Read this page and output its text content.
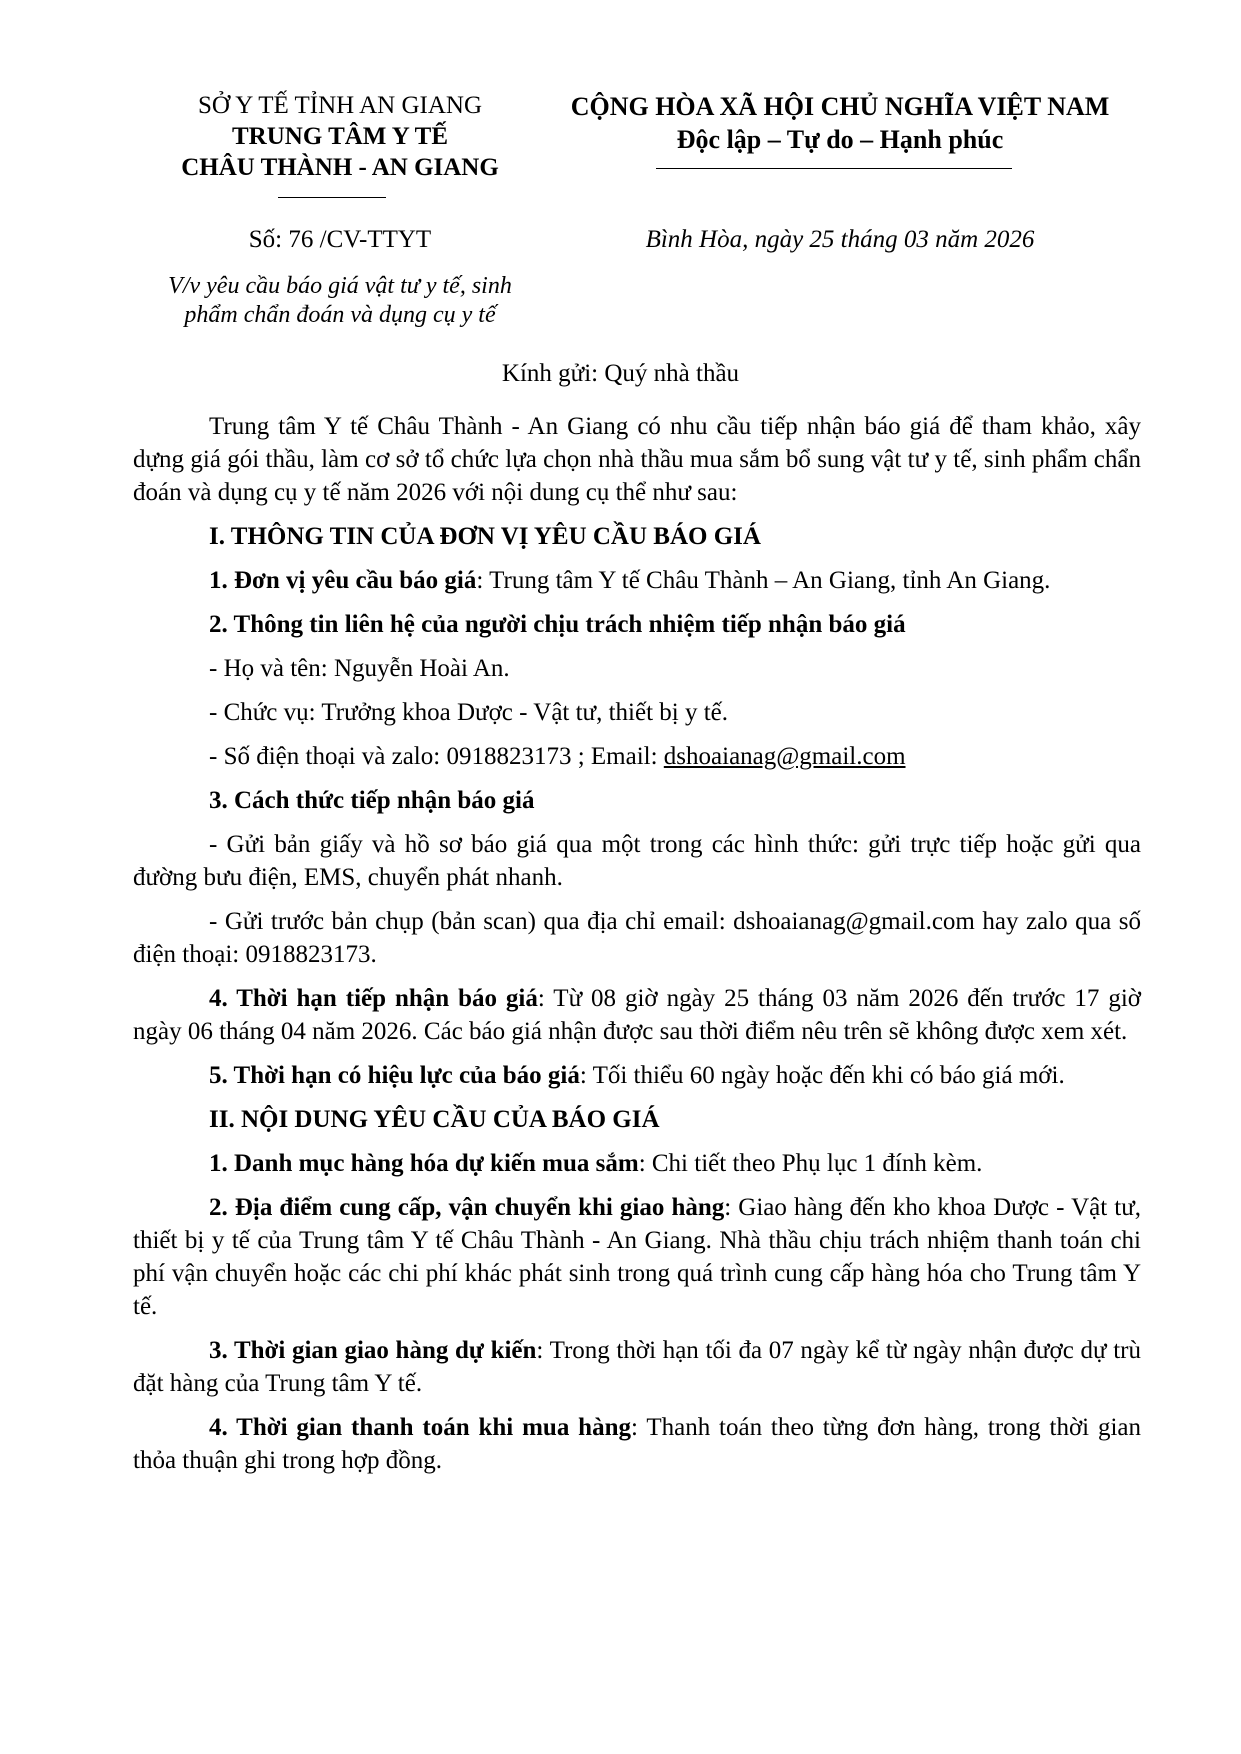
SỞ Y TẾ TỈNH AN GIANG
TRUNG TÂM Y TẾ
CHÂU THÀNH - AN GIANG
CỘNG HÒA XÃ HỘI CHỦ NGHĨA VIỆT NAM
Độc lập – Tự do – Hạnh phúc
Số: 76 /CV-TTYT	Bình Hòa, ngày 25 tháng 03 năm 2026
V/v yêu cầu báo giá vật tư y tế, sinh
phẩm chẩn đoán và dụng cụ y tế
Kính gửi: Quý nhà thầu

Trung tâm Y tế Châu Thành - An Giang có nhu cầu tiếp nhận báo giá để tham khảo, xây dựng giá gói thầu, làm cơ sở tổ chức lựa chọn nhà thầu mua sắm bổ sung vật tư y tế, sinh phẩm chẩn đoán và dụng cụ y tế năm 2026 với nội dung cụ thể như sau:

I. THÔNG TIN CỦA ĐƠN VỊ YÊU CẦU BÁO GIÁ

1. Đơn vị yêu cầu báo giá: Trung tâm Y tế Châu Thành – An Giang, tỉnh An Giang.

2. Thông tin liên hệ của người chịu trách nhiệm tiếp nhận báo giá

- Họ và tên: Nguyễn Hoài An.

- Chức vụ: Trưởng khoa Dược - Vật tư, thiết bị y tế.

- Số điện thoại và zalo: 0918823173 ; Email: dshoaianag@gmail.com

3. Cách thức tiếp nhận báo giá

- Gửi bản giấy và hồ sơ báo giá qua một trong các hình thức: gửi trực tiếp hoặc gửi qua đường bưu điện, EMS, chuyển phát nhanh.

- Gửi trước bản chụp (bản scan) qua địa chỉ email: dshoaianag@gmail.com hay zalo qua số điện thoại: 0918823173.

4. Thời hạn tiếp nhận báo giá: Từ 08 giờ ngày 25 tháng 03 năm 2026 đến trước 17 giờ ngày 06 tháng 04 năm 2026. Các báo giá nhận được sau thời điểm nêu trên sẽ không được xem xét.

5. Thời hạn có hiệu lực của báo giá: Tối thiểu 60 ngày hoặc đến khi có báo giá mới.

II. NỘI DUNG YÊU CẦU CỦA BÁO GIÁ

1. Danh mục hàng hóa dự kiến mua sắm: Chi tiết theo Phụ lục 1 đính kèm.

2. Địa điểm cung cấp, vận chuyển khi giao hàng: Giao hàng đến kho khoa Dược - Vật tư, thiết bị y tế của Trung tâm Y tế Châu Thành - An Giang. Nhà thầu chịu trách nhiệm thanh toán chi phí vận chuyển hoặc các chi phí khác phát sinh trong quá trình cung cấp hàng hóa cho Trung tâm Y tế.

3. Thời gian giao hàng dự kiến: Trong thời hạn tối đa 07 ngày kể từ ngày nhận được dự trù đặt hàng của Trung tâm Y tế.

4. Thời gian thanh toán khi mua hàng: Thanh toán theo từng đơn hàng, trong thời gian thỏa thuận ghi trong hợp đồng.
